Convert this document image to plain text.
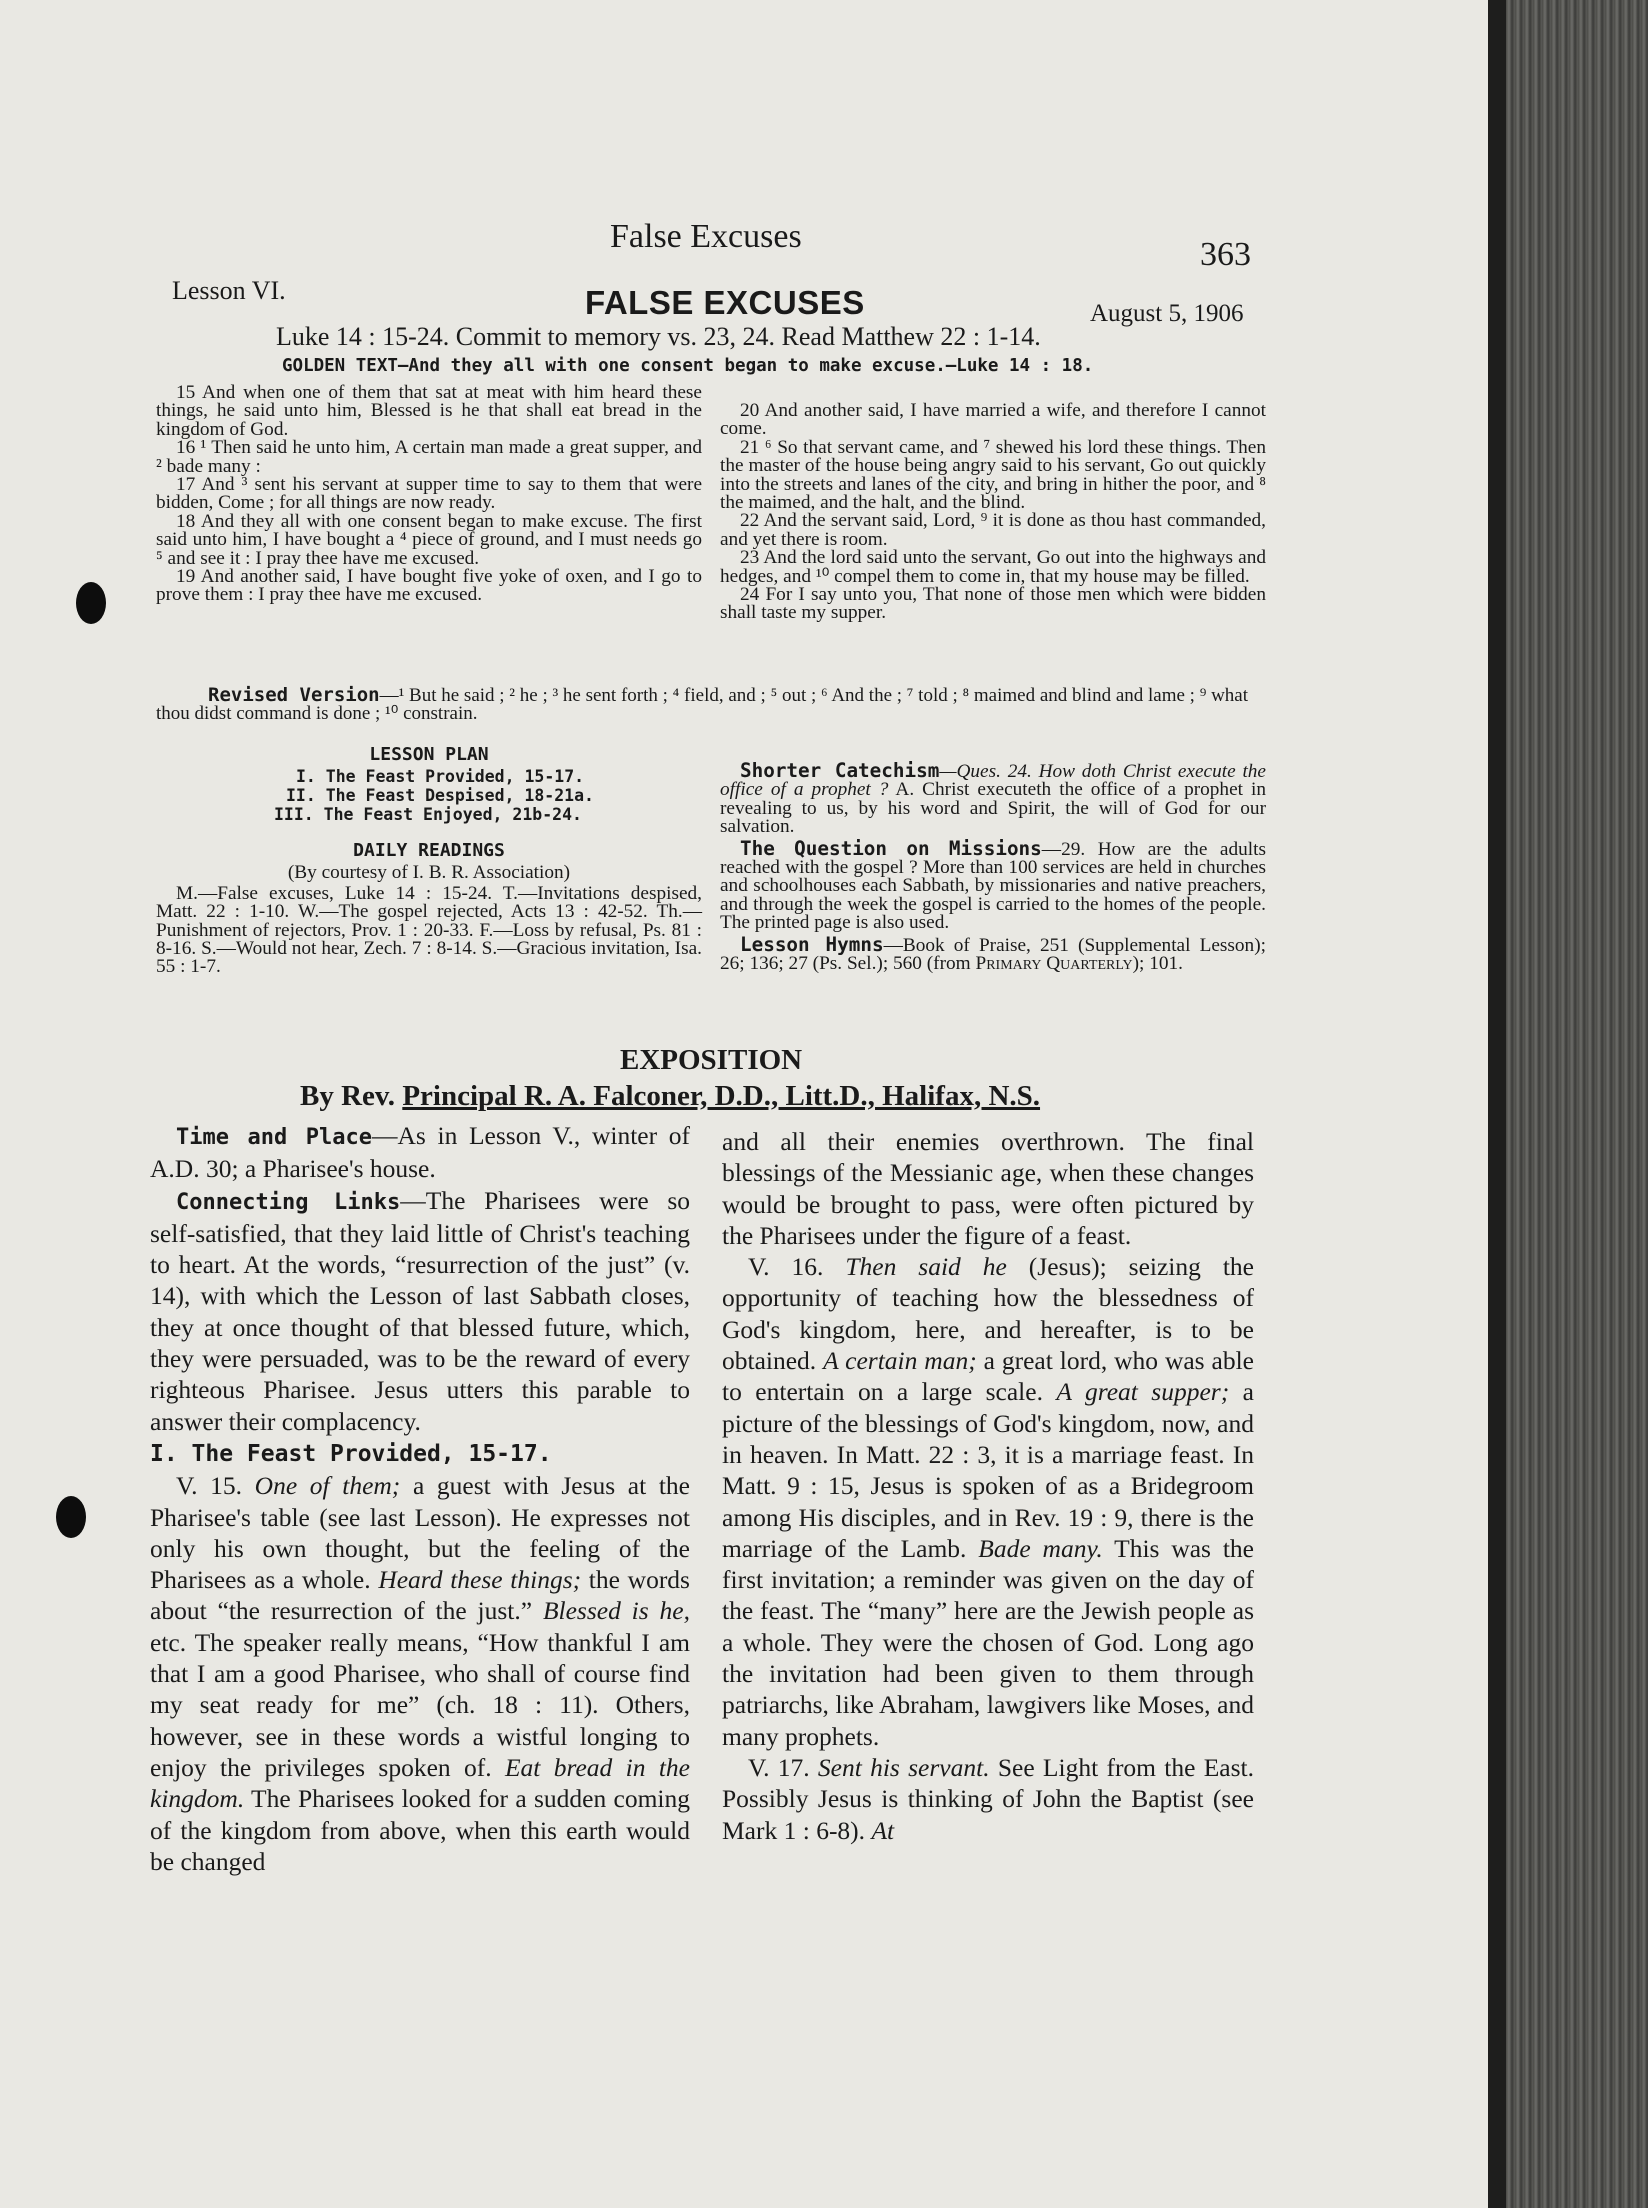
False Excuses	363
Lesson VI.	FALSE EXCUSES	August 5, 1906
Luke 14 : 15-24. Commit to memory vs. 23, 24. Read Matthew 22 : 1-14.
GOLDEN TEXT—And they all with one consent began to make excuse.—Luke 14 : 18.

15 And when one of them that sat at meat with him heard these things, he said unto him, Blessed is he that shall eat bread in the kingdom of God.

16 ¹ Then said he unto him, A certain man made a great supper, and ² bade many :

17 And ³ sent his servant at supper time to say to them that were bidden, Come ; for all things are now ready.

18 And they all with one consent began to make excuse. The first said unto him, I have bought a ⁴ piece of ground, and I must needs go ⁵ and see it : I pray thee have me excused.

19 And another said, I have bought five yoke of oxen, and I go to prove them : I pray thee have me excused.

20 And another said, I have married a wife, and therefore I cannot come.

21 ⁶ So that servant came, and ⁷ shewed his lord these things. Then the master of the house being angry said to his servant, Go out quickly into the streets and lanes of the city, and bring in hither the poor, and ⁸ the maimed, and the halt, and the blind.

22 And the servant said, Lord, ⁹ it is done as thou hast commanded, and yet there is room.

23 And the lord said unto the servant, Go out into the highways and hedges, and ¹⁰ compel them to come in, that my house may be filled.

24 For I say unto you, That none of those men which were bidden shall taste my supper.

Revised Version—¹ But he said ; ² he ; ³ he sent forth ; ⁴ field, and ; ⁵ out ; ⁶ And the ; ⁷ told ; ⁸ maimed and blind and lame ; ⁹ what thou didst command is done ; ¹⁰ constrain.
LESSON PLAN
I. The Feast Provided, 15-17.
II. The Feast Despised, 18-21a.
III. The Feast Enjoyed, 21b-24.
DAILY READINGS
(By courtesy of I. B. R. Association)

M.—False excuses, Luke 14 : 15-24. T.—Invitations despised, Matt. 22 : 1-10. W.—The gospel rejected, Acts 13 : 42-52. Th.—Punishment of rejectors, Prov. 1 : 20-33. F.—Loss by refusal, Ps. 81 : 8-16. S.—Would not hear, Zech. 7 : 8-14. S.—Gracious invitation, Isa. 55 : 1-7.

Shorter Catechism—Ques. 24. How doth Christ execute the office of a prophet ? A. Christ executeth the office of a prophet in revealing to us, by his word and Spirit, the will of God for our salvation.

The Question on Missions—29. How are the adults reached with the gospel ? More than 100 services are held in churches and schoolhouses each Sabbath, by missionaries and native preachers, and through the week the gospel is carried to the homes of the people. The printed page is also used.

Lesson Hymns—Book of Praise, 251 (Supplemental Lesson); 26; 136; 27 (Ps. Sel.); 560 (from Primary Quarterly); 101.

EXPOSITION
By Rev. Principal R. A. Falconer, D.D., Litt.D., Halifax, N.S.

Time and Place—As in Lesson V., winter of A.D. 30; a Pharisee's house.

Connecting Links—The Pharisees were so self-satisfied, that they laid little of Christ's teaching to heart. At the words, “resurrection of the just” (v. 14), with which the Lesson of last Sabbath closes, they at once thought of that blessed future, which, they were persuaded, was to be the reward of every righteous Pharisee. Jesus utters this parable to answer their complacency.

I. The Feast Provided, 15-17.

V. 15. One of them; a guest with Jesus at the Pharisee's table (see last Lesson). He expresses not only his own thought, but the feeling of the Pharisees as a whole. Heard these things; the words about “the resurrection of the just.” Blessed is he, etc. The speaker really means, “How thankful I am that I am a good Pharisee, who shall of course find my seat ready for me” (ch. 18 : 11). Others, however, see in these words a wistful longing to enjoy the privileges spoken of. Eat bread in the kingdom. The Pharisees looked for a sudden coming of the kingdom from above, when this earth would be changed

and all their enemies overthrown. The final blessings of the Messianic age, when these changes would be brought to pass, were often pictured by the Pharisees under the figure of a feast.

V. 16. Then said he (Jesus); seizing the opportunity of teaching how the blessedness of God's kingdom, here, and hereafter, is to be obtained. A certain man; a great lord, who was able to entertain on a large scale. A great supper; a picture of the blessings of God's kingdom, now, and in heaven. In Matt. 22 : 3, it is a marriage feast. In Matt. 9 : 15, Jesus is spoken of as a Bridegroom among His disciples, and in Rev. 19 : 9, there is the marriage of the Lamb. Bade many. This was the first invitation; a reminder was given on the day of the feast. The “many” here are the Jewish people as a whole. They were the chosen of God. Long ago the invitation had been given to them through patriarchs, like Abraham, lawgivers like Moses, and many prophets.

V. 17. Sent his servant. See Light from the East. Possibly Jesus is thinking of John the Baptist (see Mark 1 : 6-8). At
